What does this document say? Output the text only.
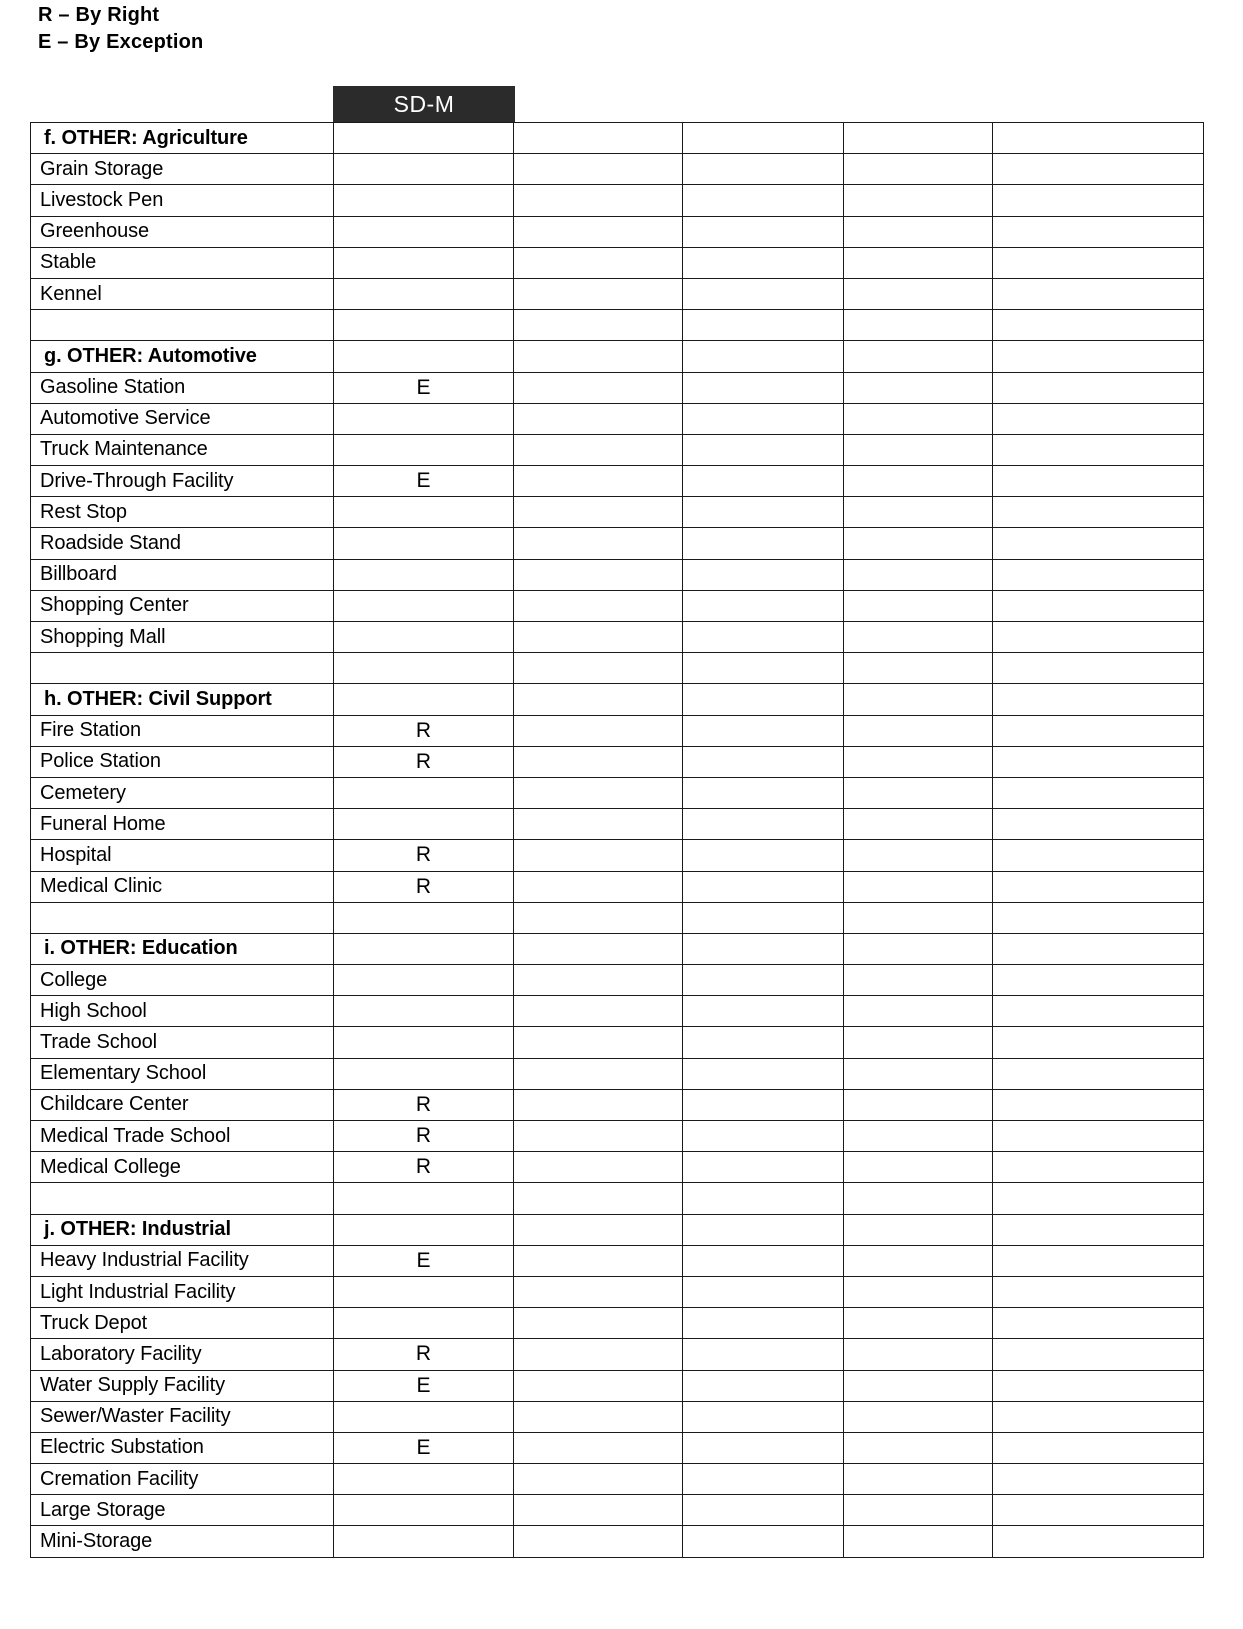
R – By Right
E – By Exception
SD-M
f. OTHER: Agriculture					
Grain Storage					
Livestock Pen					
Greenhouse					
Stable					
Kennel					

g. OTHER: Automotive					
Gasoline Station	E				
Automotive Service					
Truck Maintenance					
Drive-Through Facility	E				
Rest Stop					
Roadside Stand					
Billboard					
Shopping Center					
Shopping Mall					

h. OTHER: Civil Support					
Fire Station	R				
Police Station	R				
Cemetery					
Funeral Home					
Hospital	R				
Medical Clinic	R				

i. OTHER: Education					
College					
High School					
Trade School					
Elementary School					
Childcare Center	R				
Medical Trade School	R				
Medical College	R				

j. OTHER: Industrial					
Heavy Industrial Facility	E				
Light Industrial Facility					
Truck Depot					
Laboratory Facility	R				
Water Supply Facility	E				
Sewer/Waster Facility					
Electric Substation	E				
Cremation Facility					
Large Storage					
Mini-Storage					
